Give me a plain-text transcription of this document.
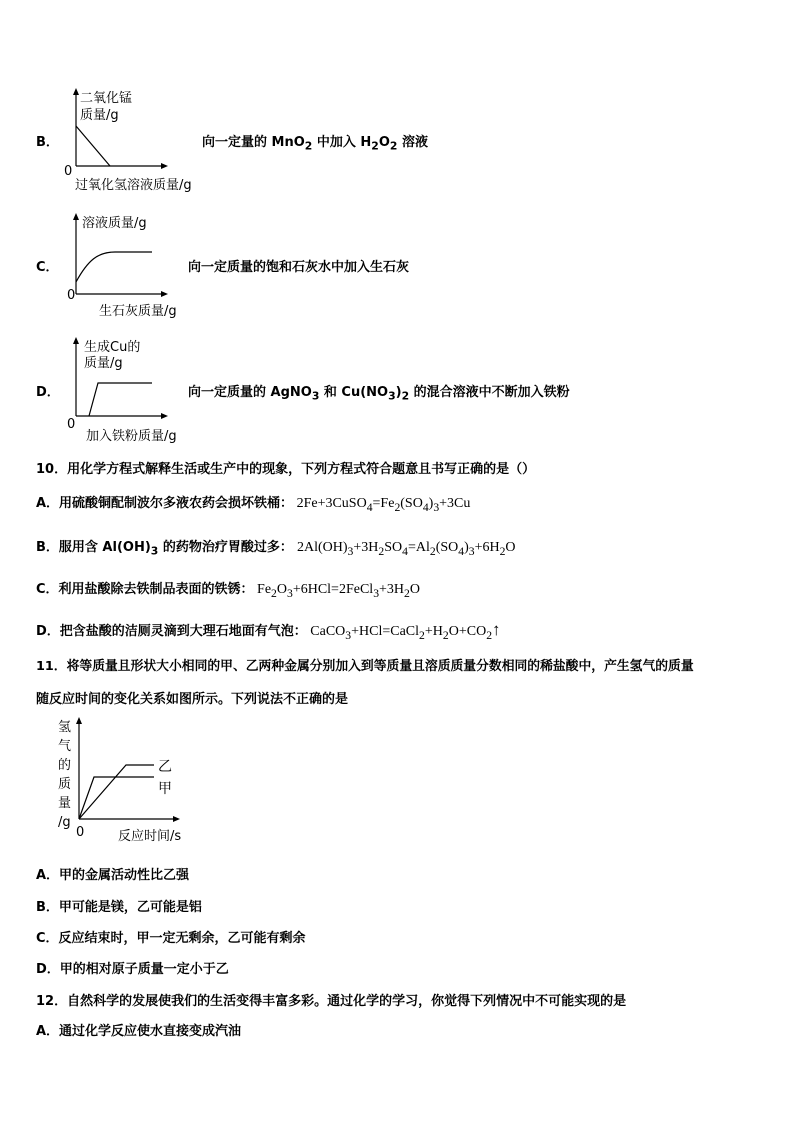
B．
二氧化锰
质量/g
0
过氧化氢溶液质量/g
向一定量的 MnO$_2$ 中加入 $H_2O_2$ 溶液
C．
溶液质量/g
0
生石灰质量/g
向一定质量的饱和石灰水中加入生石灰
D．
生成Cu的
质量/g
0
加入铁粉质量/g
向一定质量的 AgNO$_3$ 和 $Cu(NO_3)_2$ 的混合溶液中不断加入铁粉
10．用化学方程式解释生活或生产中的现象，下列方程式符合题意且书写正确的是（）
A．用硫酸铜配制波尔多液农药会损坏铁桶： $2Fe+3CuSO_4=Fe_2(SO_4)_3+3Cu$
B．服用含 $Al(OH)_3$ 的药物治疗胃酸过多： $2Al(OH)_3+3H_2SO_4=Al_2(SO_4)_3+6H_2O$
C．利用盐酸除去铁制品表面的铁锈： $Fe_2O_3+6HCl=2FeCl_3+3H_2O$
D．把含盐酸的洁厕灵滴到大理石地面有气泡： $CaCO_3+HCl=CaCl_2+H_2O+CO_2↑$
11．将等质量且形状大小相同的甲、乙两种金属分别加入到等质量且溶质质量分数相同的稀盐酸中，产生氢气的质量
随反应时间的变化关系如图所示。下列说法不正确的是
氢
气
的
质
量
/g
0	反应时间/s
乙
甲
A．甲的金属活动性比乙强
B．甲可能是镁，乙可能是铝
C．反应结束时，甲一定无剩余，乙可能有剩余
D．甲的相对原子质量一定小于乙
12．自然科学的发展使我们的生活变得丰富多彩。通过化学的学习，你觉得下列情况中不可能实现的是
A．通过化学反应使水直接变成汽油
